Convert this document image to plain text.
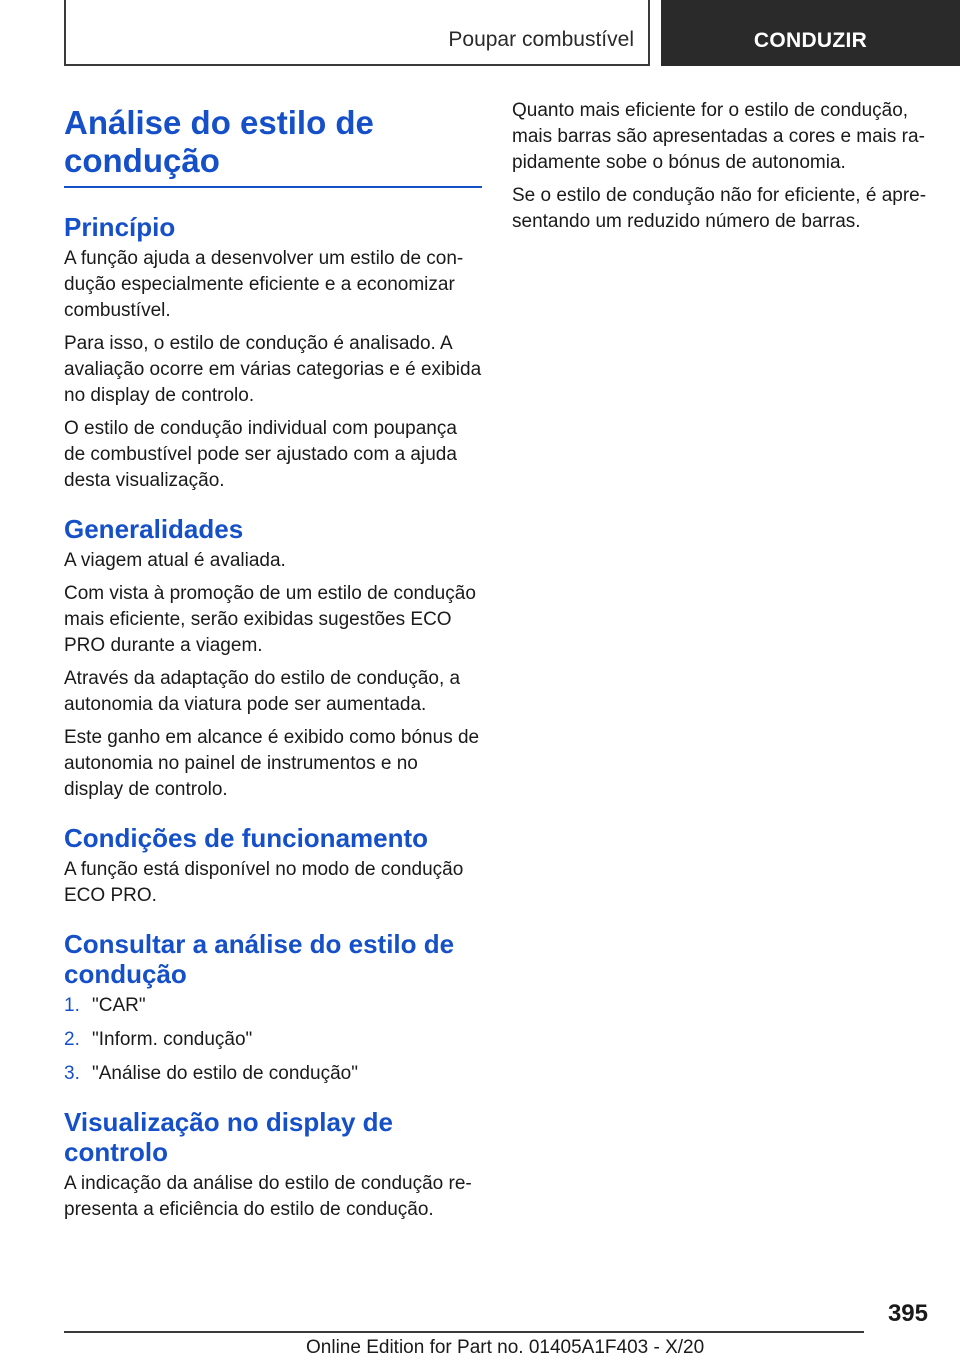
Poupar combustível	CONDUZIR
Análise do estilo de condução
Princípio

A função ajuda a desenvolver um estilo de con-dução especialmente eficiente e a economizar combustível.

Para isso, o estilo de condução é analisado. A avaliação ocorre em várias categorias e é exibida no display de controlo.

O estilo de condução individual com poupança de combustível pode ser ajustado com a ajuda desta visualização.

Generalidades

A viagem atual é avaliada.

Com vista à promoção de um estilo de condução mais eficiente, serão exibidas sugestões ECO PRO durante a viagem.

Através da adaptação do estilo de condução, a autonomia da viatura pode ser aumentada.

Este ganho em alcance é exibido como bónus de autonomia no painel de instrumentos e no display de controlo.

Condições de funcionamento

A função está disponível no modo de condução ECO PRO.

Consultar a análise do estilo de condução
1. "CAR"
2. "Inform. condução"
3. "Análise do estilo de condução"
Visualização no display de controlo

A indicação da análise do estilo de condução re-presenta a eficiência do estilo de condução.

Quanto mais eficiente for o estilo de condução, mais barras são apresentadas a cores e mais ra-pidamente sobe o bónus de autonomia.

Se o estilo de condução não for eficiente, é apre-sentando um reduzido número de barras.

395
Online Edition for Part no. 01405A1F403 - X/20
